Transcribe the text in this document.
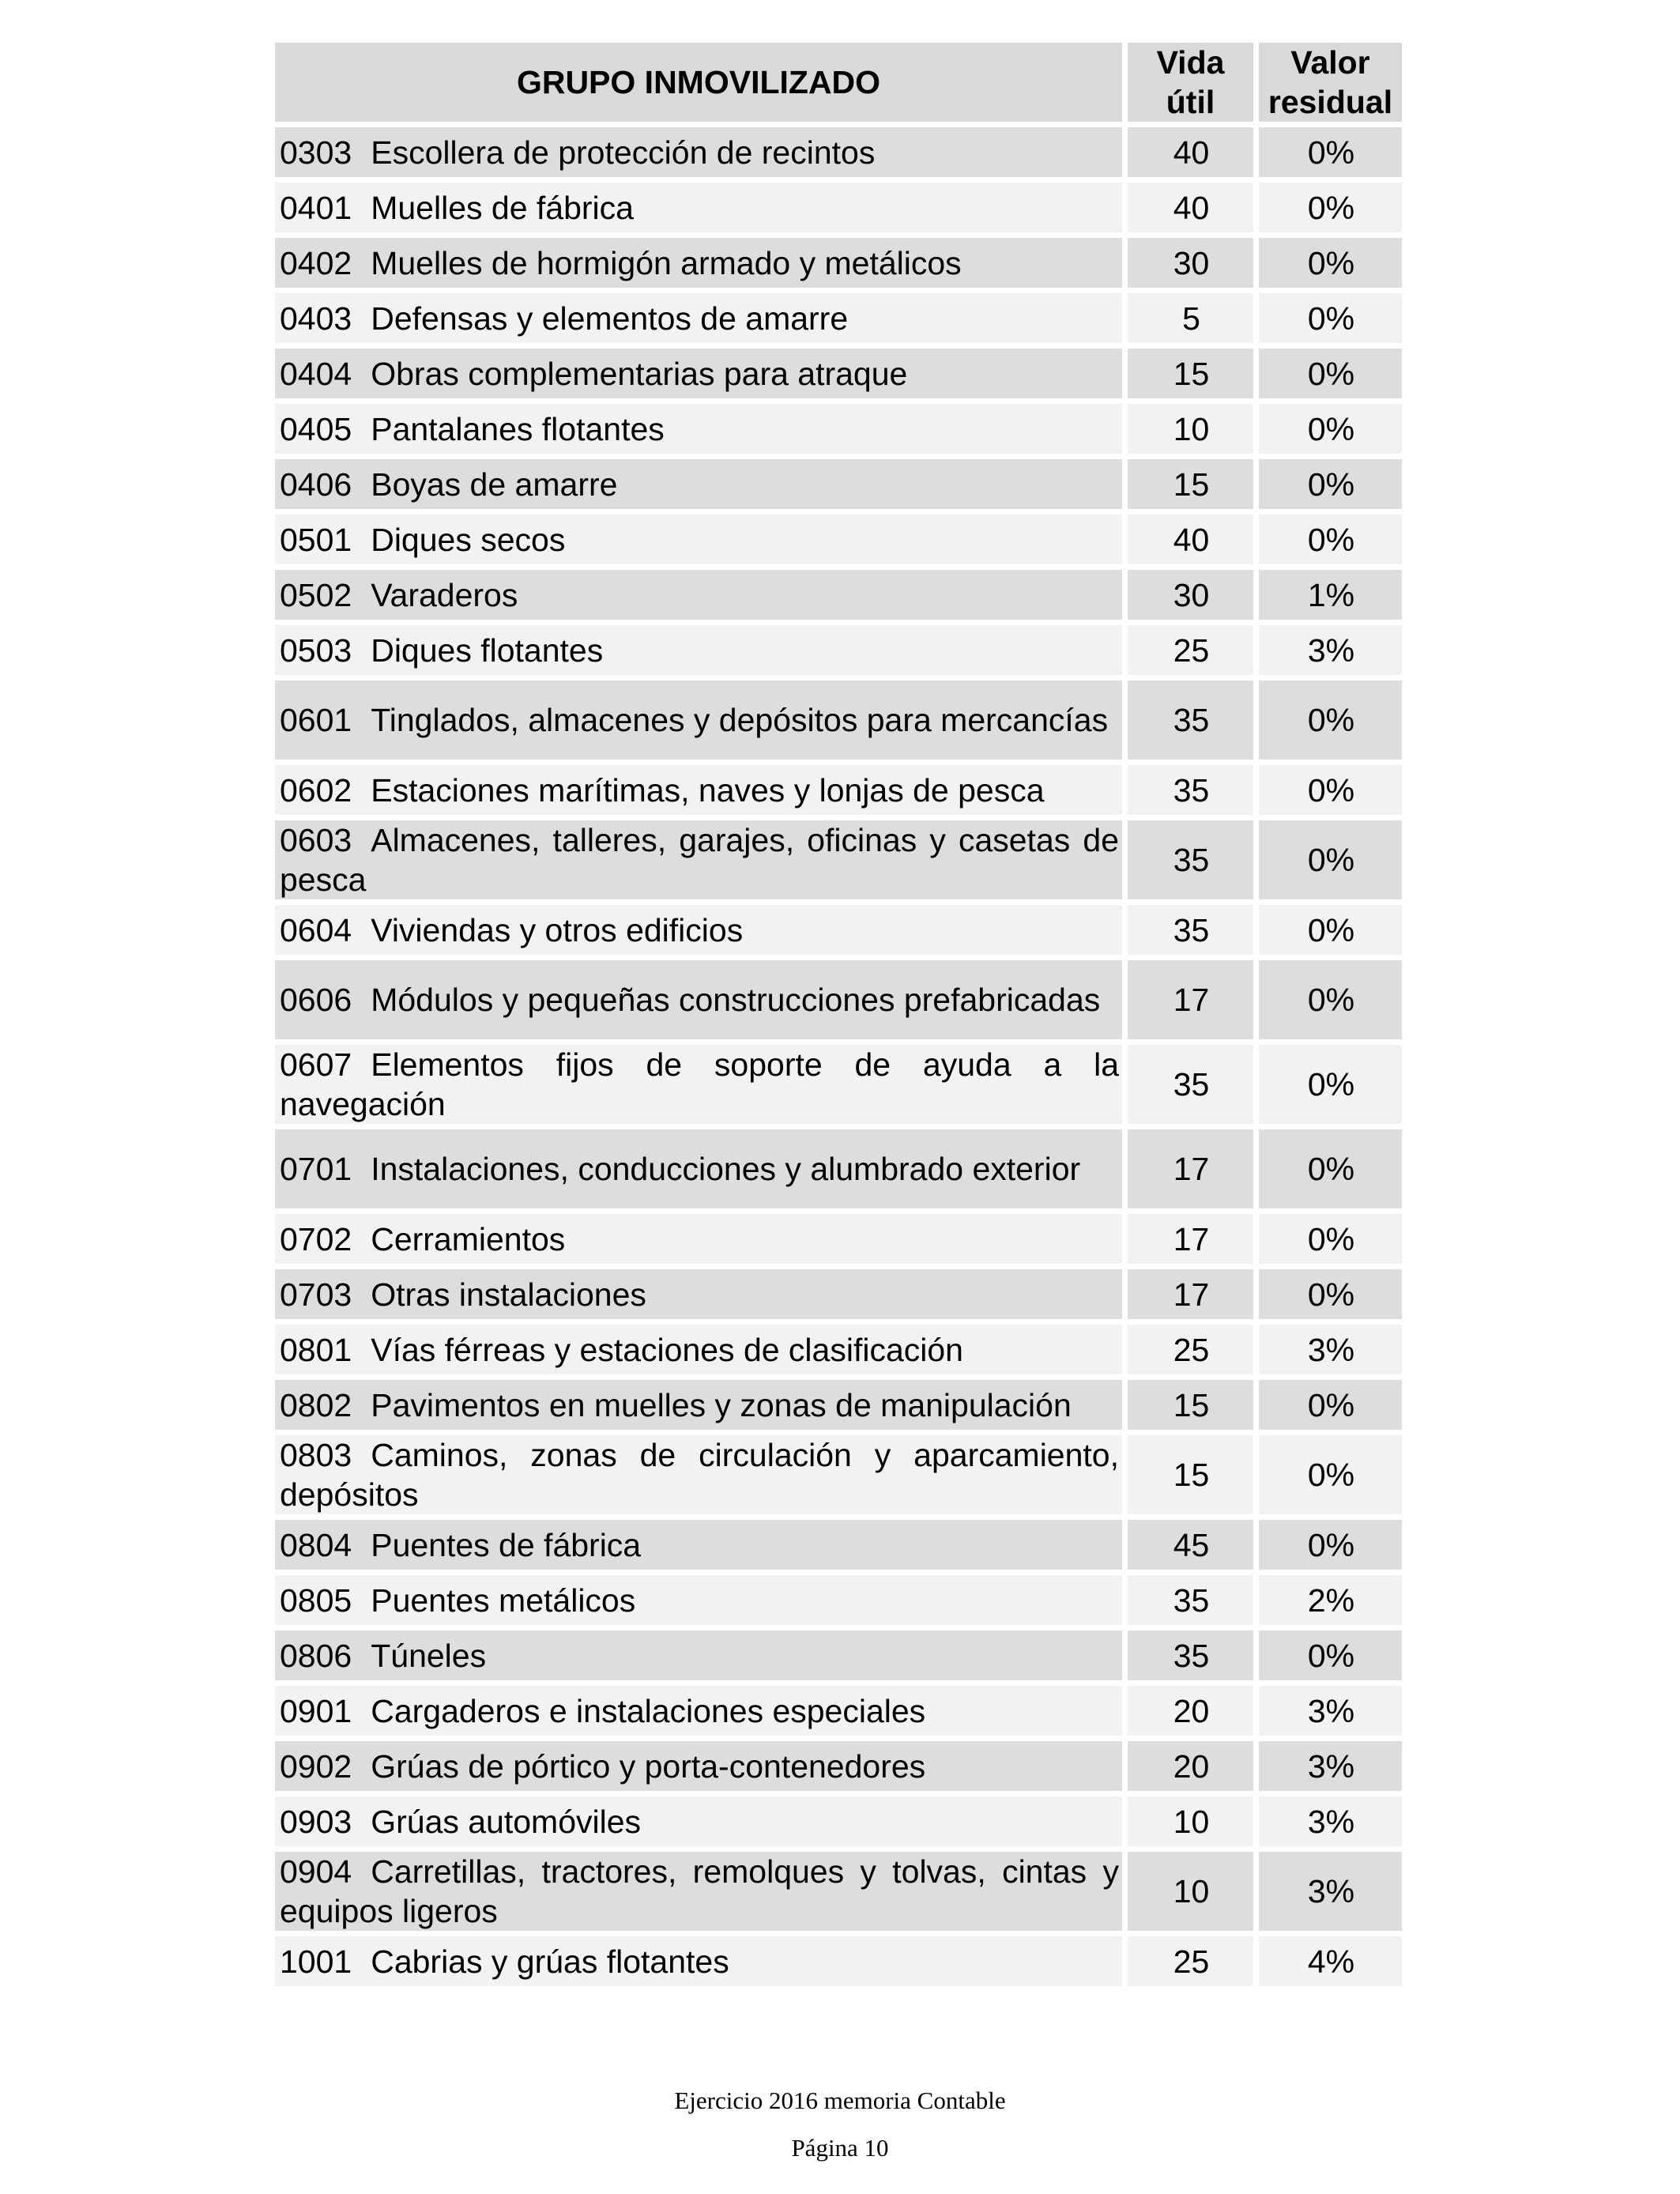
GRUPO INMOVILIZADO	Vida útil	Valor residual
0303 Escollera de protección de recintos	40	0%
0401 Muelles de fábrica	40	0%
0402 Muelles de hormigón armado y metálicos	30	0%
0403 Defensas y elementos de amarre	5	0%
0404 Obras complementarias para atraque	15	0%
0405 Pantalanes flotantes	10	0%
0406 Boyas de amarre	15	0%
0501 Diques secos	40	0%
0502 Varaderos	30	1%
0503 Diques flotantes	25	3%
0601 Tinglados, almacenes y depósitos para mercancías	35	0%
0602 Estaciones marítimas, naves y lonjas de pesca	35	0%
0603 Almacenes, talleres, garajes, oficinas y casetas de pesca	35	0%
0604 Viviendas y otros edificios	35	0%
0606 Módulos y pequeñas construcciones prefabricadas	17	0%
0607 Elementos fijos de soporte de ayuda a la navegación	35	0%
0701 Instalaciones, conducciones y alumbrado exterior	17	0%
0702 Cerramientos	17	0%
0703 Otras instalaciones	17	0%
0801 Vías férreas y estaciones de clasificación	25	3%
0802 Pavimentos en muelles y zonas de manipulación	15	0%
0803 Caminos, zonas de circulación y aparcamiento, depósitos	15	0%
0804 Puentes de fábrica	45	0%
0805 Puentes metálicos	35	2%
0806 Túneles	35	0%
0901 Cargaderos e instalaciones especiales	20	3%
0902 Grúas de pórtico y porta-contenedores	20	3%
0903 Grúas automóviles	10	3%
0904 Carretillas, tractores, remolques y tolvas, cintas y equipos ligeros	10	3%
1001 Cabrias y grúas flotantes	25	4%
Ejercicio 2016 memoria Contable
Página 10
